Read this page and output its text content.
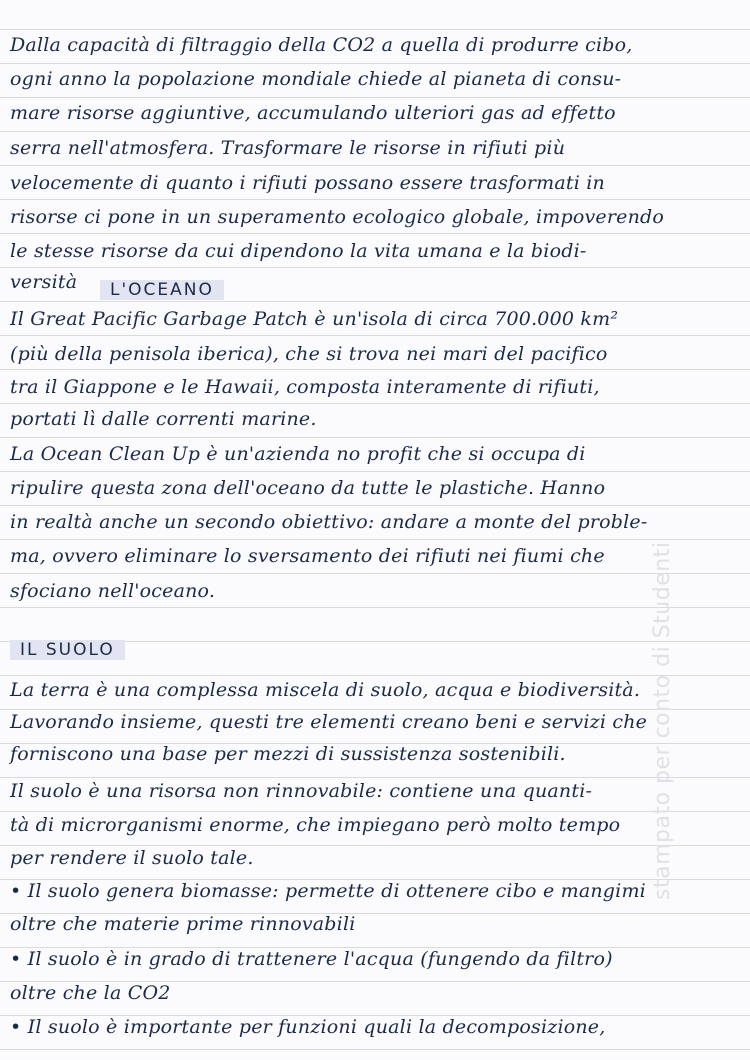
Dalla capacità di filtraggio della CO2 a quella di produrre cibo,
ogni anno la popolazione mondiale chiede al pianeta di consu-
mare risorse aggiuntive, accumulando ulteriori gas ad effetto
serra nell'atmosfera. Trasformare le risorse in rifiuti più
velocemente di quanto i rifiuti possano essere trasformati in
risorse ci pone in un superamento ecologico globale, impoverendo
le stesse risorse da cui dipendono la vita umana e la biodi-
versità	L'OCEANO
Il Great Pacific Garbage Patch è un'isola di circa 700.000 km²
(più della penisola iberica), che si trova nei mari del pacifico
tra il Giappone e le Hawaii, composta interamente di rifiuti,
portati lì dalle correnti marine.
La Ocean Clean Up è un'azienda no profit che si occupa di
ripulire questa zona dell'oceano da tutte le plastiche. Hanno
in realtà anche un secondo obiettivo: andare a monte del proble-
ma, ovvero eliminare lo sversamento dei rifiuti nei fiumi che
sfociano nell'oceano.
IL SUOLO
La terra è una complessa miscela di suolo, acqua e biodiversità.
Lavorando insieme, questi tre elementi creano beni e servizi che
forniscono una base per mezzi di sussistenza sostenibili.
Il suolo è una risorsa non rinnovabile: contiene una quanti-
tà di microrganismi enorme, che impiegano però molto tempo
per rendere il suolo tale.
• Il suolo genera biomasse: permette di ottenere cibo e mangimi
oltre che materie prime rinnovabili
• Il suolo è in grado di trattenere l'acqua (fungendo da filtro)
oltre che la CO2
• Il suolo è importante per funzioni quali la decomposizione,
stampato per conto di Studenti
